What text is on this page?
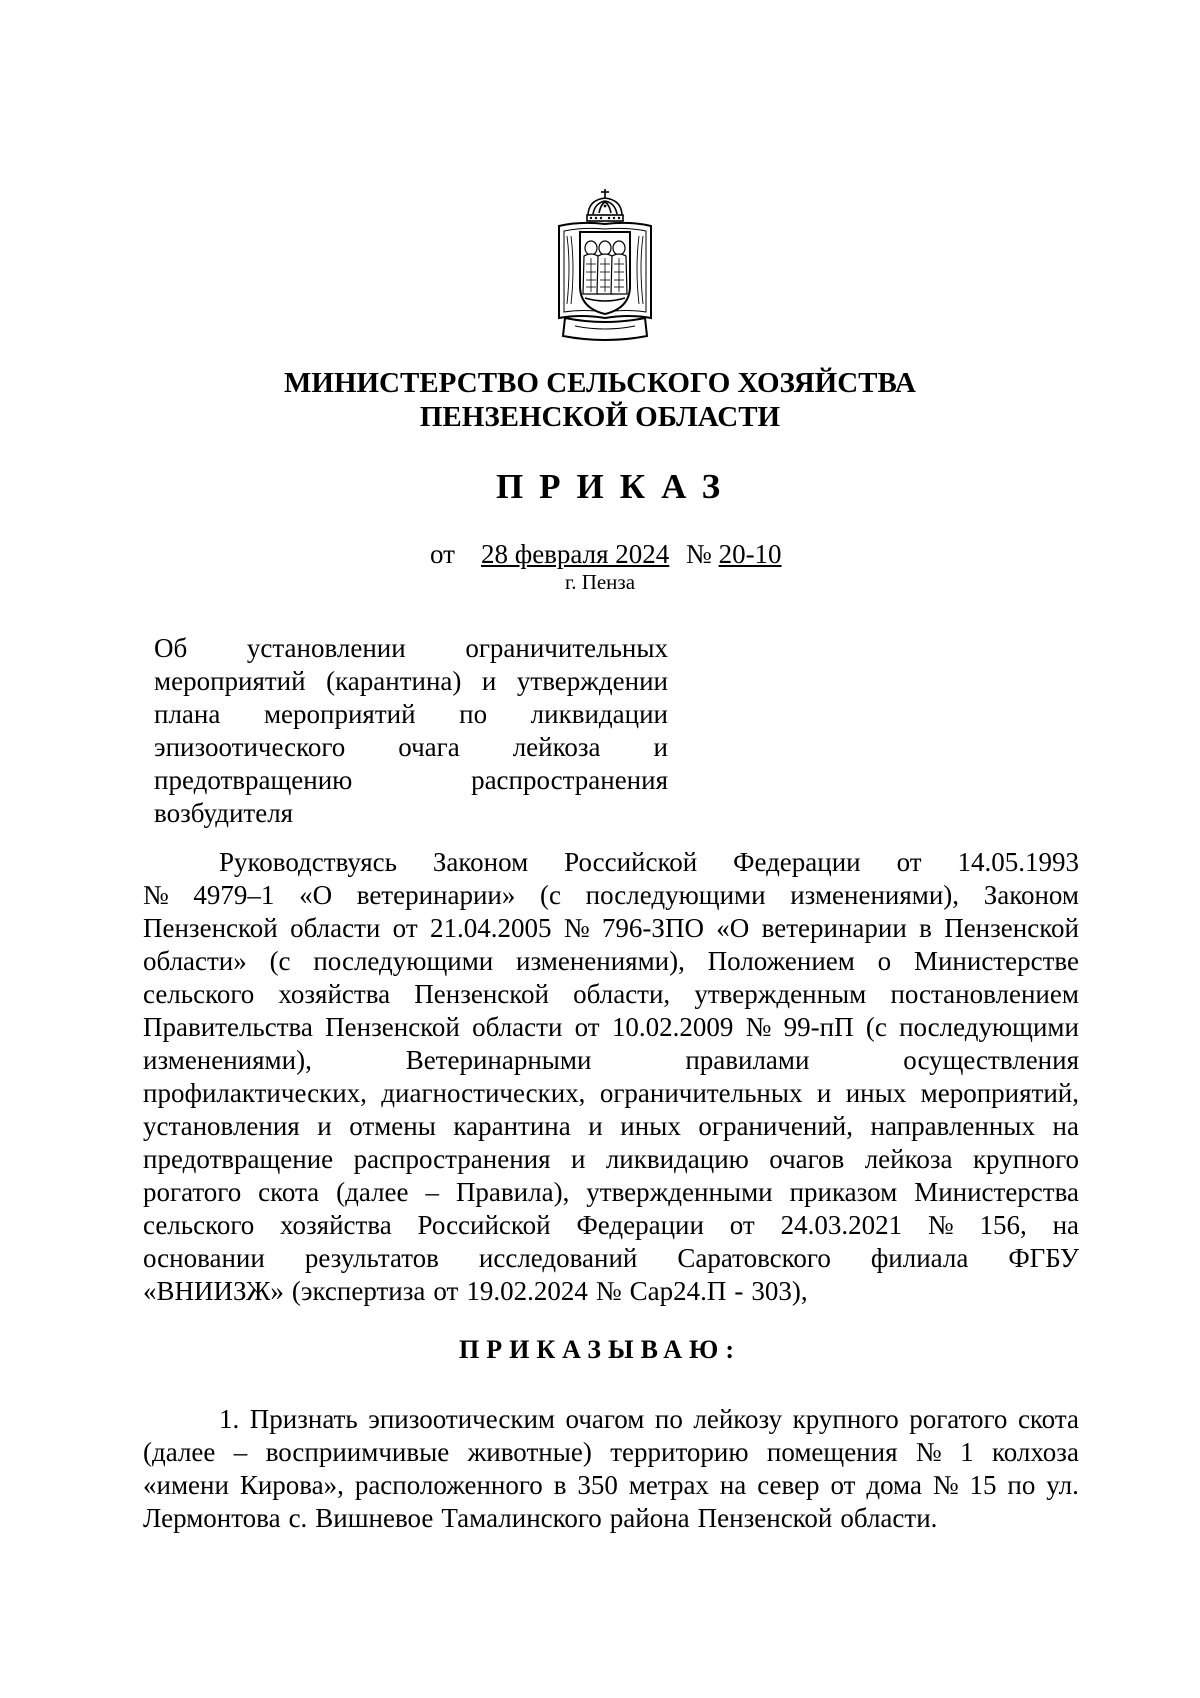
МИНИСТЕРСТВО СЕЛЬСКОГО ХОЗЯЙСТВА
ПЕНЗЕНСКОЙ ОБЛАСТИ
ПРИКАЗ
от 28 февраля 2024 № 20-10
г. Пенза
Об установлении ограничительных
мероприятий (карантина) и утверждении
плана мероприятий по ликвидации
эпизоотического очага лейкоза и
предотвращению	распространения
возбудителя
Руководствуясь Законом Российской Федерации от 14.05.1993
№ 4979–1 «О ветеринарии» (с последующими изменениями), Законом
Пензенской области от 21.04.2005 № 796-ЗПО «О ветеринарии в Пензенской
области» (с последующими изменениями), Положением о Министерстве
сельского хозяйства Пензенской области, утвержденным постановлением
Правительства Пензенской области от 10.02.2009 № 99-пП (с последующими
изменениями),	Ветеринарными	правилами	осуществления
профилактических, диагностических, ограничительных и иных мероприятий,
установления и отмены карантина и иных ограничений, направленных на
предотвращение распространения и ликвидацию очагов лейкоза крупного
рогатого скота (далее – Правила), утвержденными приказом Министерства
сельского хозяйства Российской Федерации от 24.03.2021 № 156, на
основании результатов исследований Саратовского филиала ФГБУ
«ВНИИЗЖ» (экспертиза от 19.02.2024 № Сар24.П - 303),
ПРИКАЗЫВАЮ:
1. Признать эпизоотическим очагом по лейкозу крупного рогатого скота
(далее – восприимчивые животные) территорию помещения № 1 колхоза
«имени Кирова», расположенного в 350 метрах на север от дома № 15 по ул.
Лермонтова с. Вишневое Тамалинского района Пензенской области.
